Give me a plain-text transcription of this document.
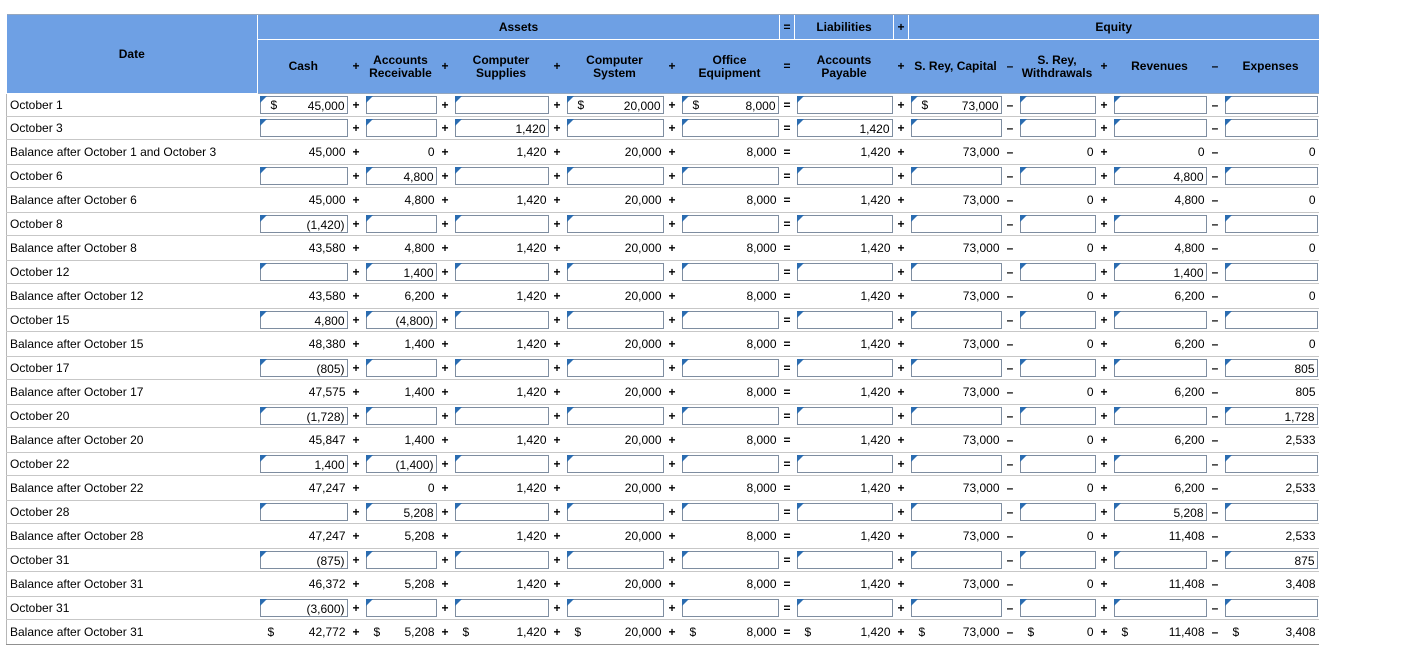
Date	Assets									=	Liabilities	+	Equity						
	Cash	+	Accounts Receivable	+	Computer Supplies	+	Computer System	+	Office Equipment	=	Accounts Payable	+	S. Rey, Capital	–	S. Rey, Withdrawals	+	Revenues	–	Expenses
October 1	$ 45,000	+		+		+	$ 20,000	+	$ 8,000	=		+	$ 73,000	–		+		–	

October 3		+		+	1,420	+		+		=	1,420	+		–		+		–	

Balance after October 1 and October 3	45,000	+	0	+	1,420	+	20,000	+	8,000	=	1,420	+	73,000	–	0	+	0	–	0

October 6		+	4,800	+		+		+		=		+		–		+	4,800	–	

Balance after October 6	45,000	+	4,800	+	1,420	+	20,000	+	8,000	=	1,420	+	73,000	–	0	+	4,800	–	0

October 8	(1,420)	+		+		+		+		=		+		–		+		–	

Balance after October 8	43,580	+	4,800	+	1,420	+	20,000	+	8,000	=	1,420	+	73,000	–	0	+	4,800	–	0

October 12		+	1,400	+		+		+		=		+		–		+	1,400	–	

Balance after October 12	43,580	+	6,200	+	1,420	+	20,000	+	8,000	=	1,420	+	73,000	–	0	+	6,200	–	0

October 15	4,800	+	(4,800)	+		+		+		=		+		–		+		–	

Balance after October 15	48,380	+	1,400	+	1,420	+	20,000	+	8,000	=	1,420	+	73,000	–	0	+	6,200	–	0

October 17	(805)	+		+		+		+		=		+		–		+		–	805

Balance after October 17	47,575	+	1,400	+	1,420	+	20,000	+	8,000	=	1,420	+	73,000	–	0	+	6,200	–	805

October 20	(1,728)	+		+		+		+		=		+		–		+		–	1,728

Balance after October 20	45,847	+	1,400	+	1,420	+	20,000	+	8,000	=	1,420	+	73,000	–	0	+	6,200	–	2,533

October 22	1,400	+	(1,400)	+		+		+		=		+		–		+		–	

Balance after October 22	47,247	+	0	+	1,420	+	20,000	+	8,000	=	1,420	+	73,000	–	0	+	6,200	–	2,533

October 28		+	5,208	+		+		+		=		+		–		+	5,208	–	

Balance after October 28	47,247	+	5,208	+	1,420	+	20,000	+	8,000	=	1,420	+	73,000	–	0	+	11,408	–	2,533

October 31	(875)	+		+		+		+		=		+		–		+		–	875

Balance after October 31	46,372	+	5,208	+	1,420	+	20,000	+	8,000	=	1,420	+	73,000	–	0	+	11,408	–	3,408

October 31	(3,600)	+		+		+		+		=		+		–		+		–	

Balance after October 31	$ 42,772	+	$ 5,208	+	$ 1,420	+	$ 20,000	+	$ 8,000	=	$ 1,420	+	$ 73,000	–	$ 0	+	$ 11,408	–	$ 3,408
